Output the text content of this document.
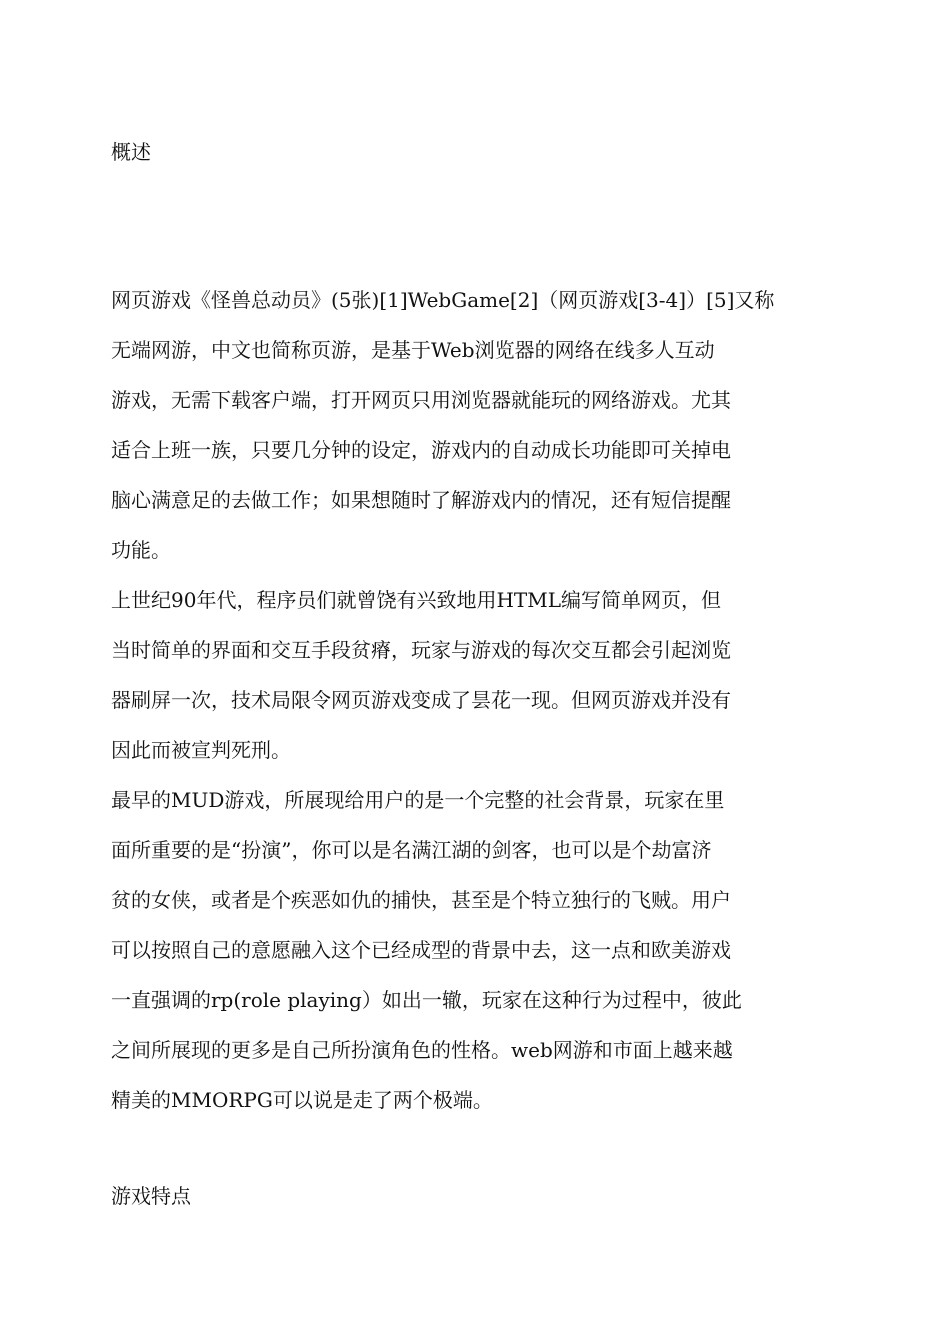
概述
网页游戏《怪兽总动员》(5张)[1]WebGame[2]（网页游戏[3-4]）[5]又称
无端网游，中文也简称页游，是基于Web浏览器的网络在线多人互动
游戏，无需下载客户端，打开网页只用浏览器就能玩的网络游戏。尤其
适合上班一族，只要几分钟的设定，游戏内的自动成长功能即可关掉电
脑心满意足的去做工作；如果想随时了解游戏内的情况，还有短信提醒
功能。
上世纪90年代，程序员们就曾饶有兴致地用HTML编写简单网页，但
当时简单的界面和交互手段贫瘠，玩家与游戏的每次交互都会引起浏览
器刷屏一次，技术局限令网页游戏变成了昙花一现。但网页游戏并没有
因此而被宣判死刑。
最早的MUD游戏，所展现给用户的是一个完整的社会背景，玩家在里
面所重要的是“扮演”，你可以是名满江湖的剑客，也可以是个劫富济
贫的女侠，或者是个疾恶如仇的捕快，甚至是个特立独行的飞贼。用户
可以按照自己的意愿融入这个已经成型的背景中去，这一点和欧美游戏
一直强调的rp(role playing）如出一辙，玩家在这种行为过程中，彼此
之间所展现的更多是自己所扮演角色的性格。web网游和市面上越来越
精美的MMORPG可以说是走了两个极端。
游戏特点
